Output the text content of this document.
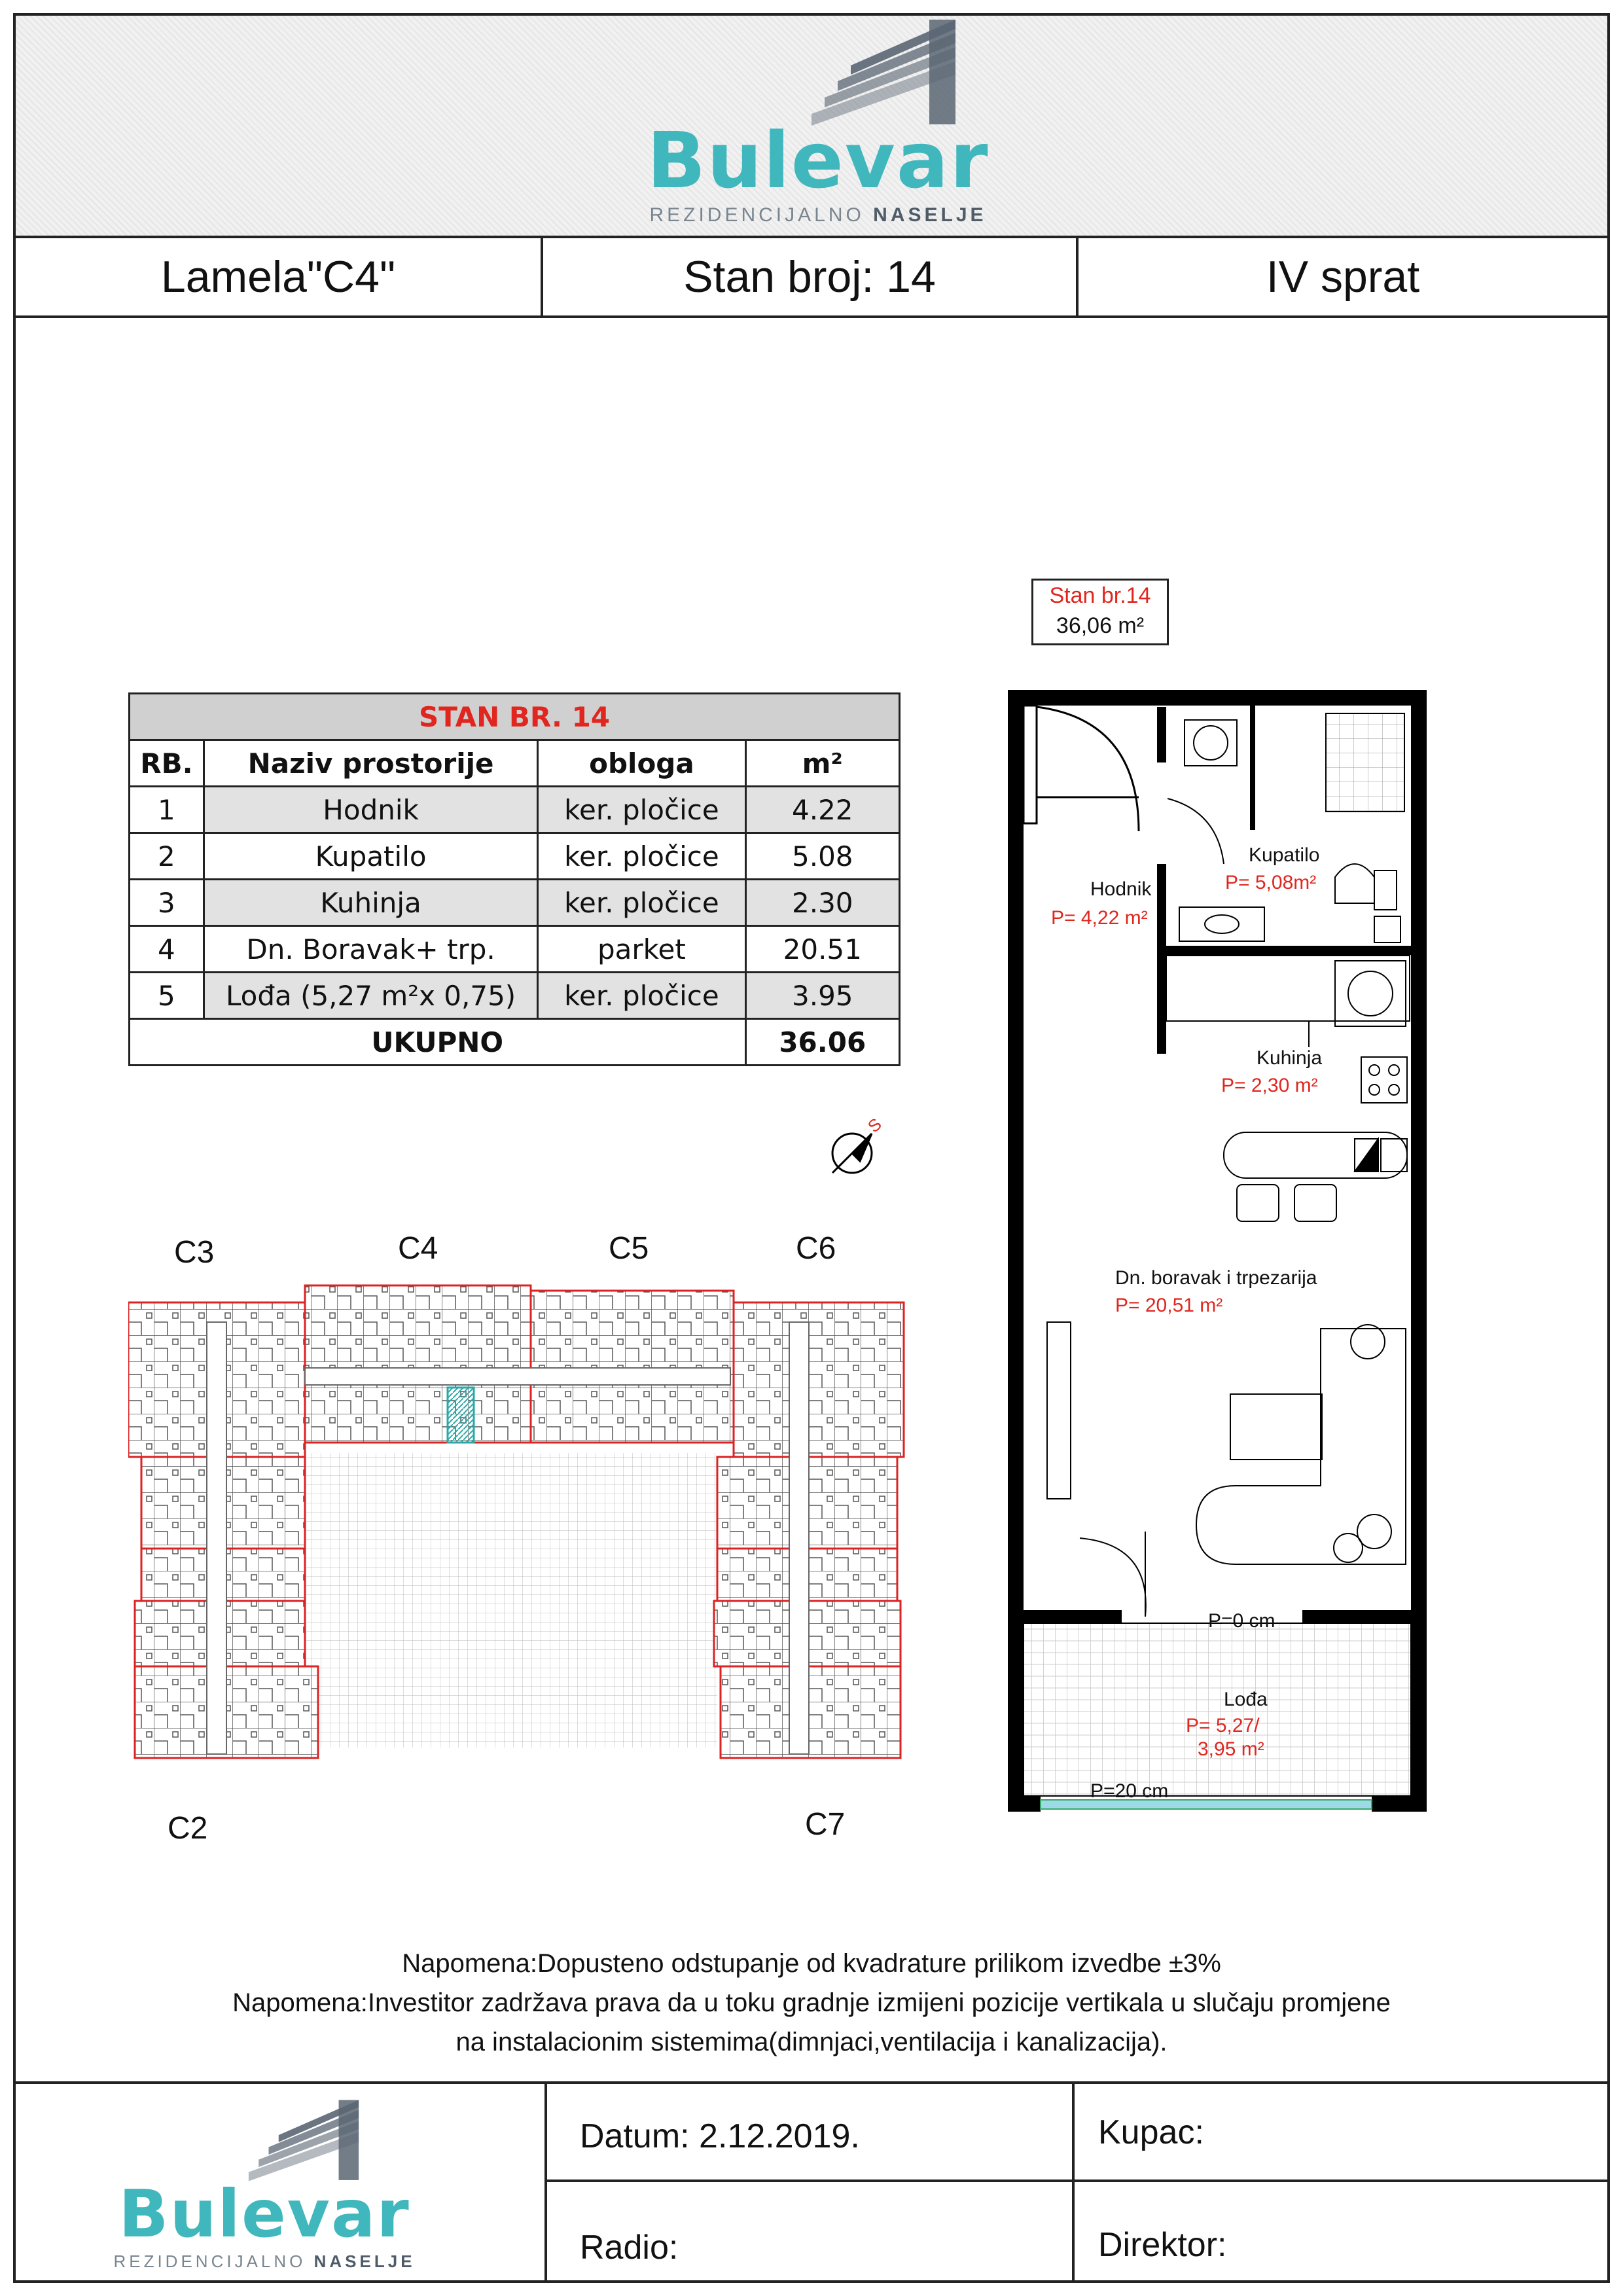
Bulevar
REZIDENCIJALNO NASELJE
Lamela"C4"	Stan broj: 14	IV sprat
STAN BR. 14			
RB.	Naziv prostorije	obloga	m²
1	Hodnik	ker. pločice	4.22
2	Kupatilo	ker. pločice	5.08
3	Kuhinja	ker. pločice	2.30
4	Dn. Boravak+ trp.	parket	20.51
5	Lođa (5,27 m²x 0,75)	ker. pločice	3.95
UKUPNO			36.06
Stan br.14
36,06 m²
Kupatilo
P= 5,08m²
Hodnik
P= 4,22 m²
Kuhinja
P= 2,30 m²
Dn. boravak i trpezarija
P= 20,51 m²
P=0 cm
Lođa
P= 5,27/
3,95 m²
P=20 cm
S
C3	C4	C5	C6
C2	C7
Napomena:Dopusteno odstupanje od kvadrature prilikom izvedbe ±3%
Napomena:Investitor zadržava prava da u toku gradnje izmijeni pozicije vertikala u slučaju promjene
na instalacionim sistemima(dimnjaci,ventilacija i kanalizacija).
Bulevar
REZIDENCIJALNO NASELJE
Datum: 2.12.2019.	Kupac:
Radio:	Direktor:
